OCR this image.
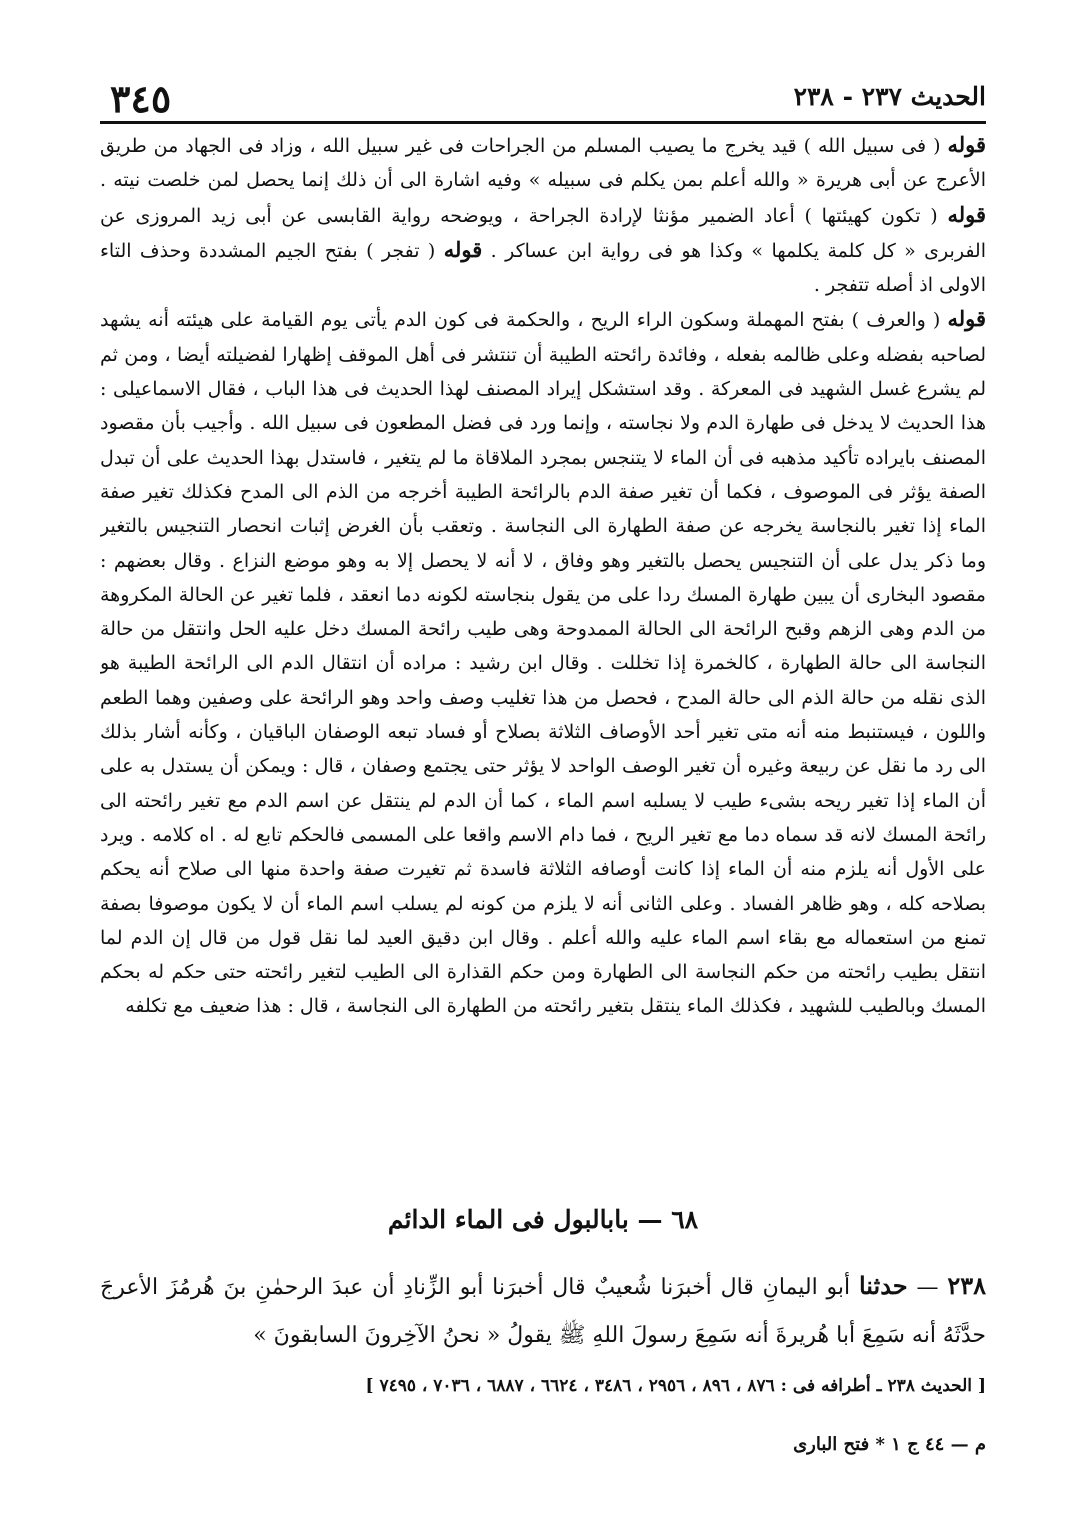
الحديث ٢٣٧ - ٢٣٨
٣٤٥

قوله ( فى سبيل الله ) قيد يخرج ما يصيب المسلم من الجراحات فى غير سبيل الله ، وزاد فى الجهاد من طريق الأعرج عن أبى هريرة « والله أعلم بمن يكلم فى سبيله » وفيه اشارة الى أن ذلك إنما يحصل لمن خلصت نيته . قوله ( تكون كهيئتها ) أعاد الضمير مؤنثا لإرادة الجراحة ، ويوضحه رواية القابسى عن أبى زيد المروزى عن الفربرى « كل كلمة يكلمها » وكذا هو فى رواية ابن عساكر . قوله ( تفجر ) بفتح الجيم المشددة وحذف التاء الاولى اذ أصله تتفجر .

قوله ( والعرف ) بفتح المهملة وسكون الراء الريح ، والحكمة فى كون الدم يأتى يوم القيامة على هيئته أنه يشهد لصاحبه بفضله وعلى ظالمه بفعله ، وفائدة رائحته الطيبة أن تنتشر فى أهل الموقف إظهارا لفضيلته أيضا ، ومن ثم لم يشرع غسل الشهيد فى المعركة . وقد استشكل إيراد المصنف لهذا الحديث فى هذا الباب ، فقال الاسماعيلى : هذا الحديث لا يدخل فى طهارة الدم ولا نجاسته ، وإنما ورد فى فضل المطعون فى سبيل الله . وأجيب بأن مقصود المصنف بايراده تأكيد مذهبه فى أن الماء لا يتنجس بمجرد الملاقاة ما لم يتغير ، فاستدل بهذا الحديث على أن تبدل الصفة يؤثر فى الموصوف ، فكما أن تغير صفة الدم بالرائحة الطيبة أخرجه من الذم الى المدح فكذلك تغير صفة الماء إذا تغير بالنجاسة يخرجه عن صفة الطهارة الى النجاسة . وتعقب بأن الغرض إثبات انحصار التنجيس بالتغير وما ذكر يدل على أن التنجيس يحصل بالتغير وهو وفاق ، لا أنه لا يحصل إلا به وهو موضع النزاع . وقال بعضهم : مقصود البخارى أن يبين طهارة المسك ردا على من يقول بنجاسته لكونه دما انعقد ، فلما تغير عن الحالة المكروهة من الدم وهى الزهم وقبح الرائحة الى الحالة الممدوحة وهى طيب رائحة المسك دخل عليه الحل وانتقل من حالة النجاسة الى حالة الطهارة ، كالخمرة إذا تخللت . وقال ابن رشيد : مراده أن انتقال الدم الى الرائحة الطيبة هو الذى نقله من حالة الذم الى حالة المدح ، فحصل من هذا تغليب وصف واحد وهو الرائحة على وصفين وهما الطعم واللون ، فيستنبط منه أنه متى تغير أحد الأوصاف الثلاثة بصلاح أو فساد تبعه الوصفان الباقيان ، وكأنه أشار بذلك الى رد ما نقل عن ربيعة وغيره أن تغير الوصف الواحد لا يؤثر حتى يجتمع وصفان ، قال : ويمكن أن يستدل به على أن الماء إذا تغير ريحه بشىء طيب لا يسلبه اسم الماء ، كما أن الدم لم ينتقل عن اسم الدم مع تغير رائحته الى رائحة المسك لانه قد سماه دما مع تغير الريح ، فما دام الاسم واقعا على المسمى فالحكم تابع له . اه كلامه . ويرد على الأول أنه يلزم منه أن الماء إذا كانت أوصافه الثلاثة فاسدة ثم تغيرت صفة واحدة منها الى صلاح أنه يحكم بصلاحه كله ، وهو ظاهر الفساد . وعلى الثانى أنه لا يلزم من كونه لم يسلب اسم الماء أن لا يكون موصوفا بصفة تمنع من استعماله مع بقاء اسم الماء عليه والله أعلم . وقال ابن دقيق العيد لما نقل قول من قال إن الدم لما انتقل بطيب رائحته من حكم النجاسة الى الطهارة ومن حكم القذارة الى الطيب لتغير رائحته حتى حكم له بحكم المسك وبالطيب للشهيد ، فكذلك الماء ينتقل بتغير رائحته من الطهارة الى النجاسة ، قال : هذا ضعيف مع تكلفه

٦٨ — بابالبول فى الماء الدائم
٢٣٨ — حدثنا أبو اليمانِ قال أخبرَنا شُعيبٌ قال أخبرَنا أبو الزِّنادِ أن عبدَ الرحمٰنِ بنَ هُرمُزَ الأعرجَ حدَّثَهُ أنه سَمِعَ أبا هُريرةَ أنه سَمِعَ رسولَ اللهِ ﷺ يقولُ « نحنُ الآخِرونَ السابقونَ »
[ الحديث ٢٣٨ ـ أطرافه فى : ٨٧٦ ، ٨٩٦ ، ٢٩٥٦ ، ٣٤٨٦ ، ٦٦٢٤ ، ٦٨٨٧ ، ٧٠٣٦ ، ٧٤٩٥ ]
م — ٤٤ ج ١ * فتح البارى
